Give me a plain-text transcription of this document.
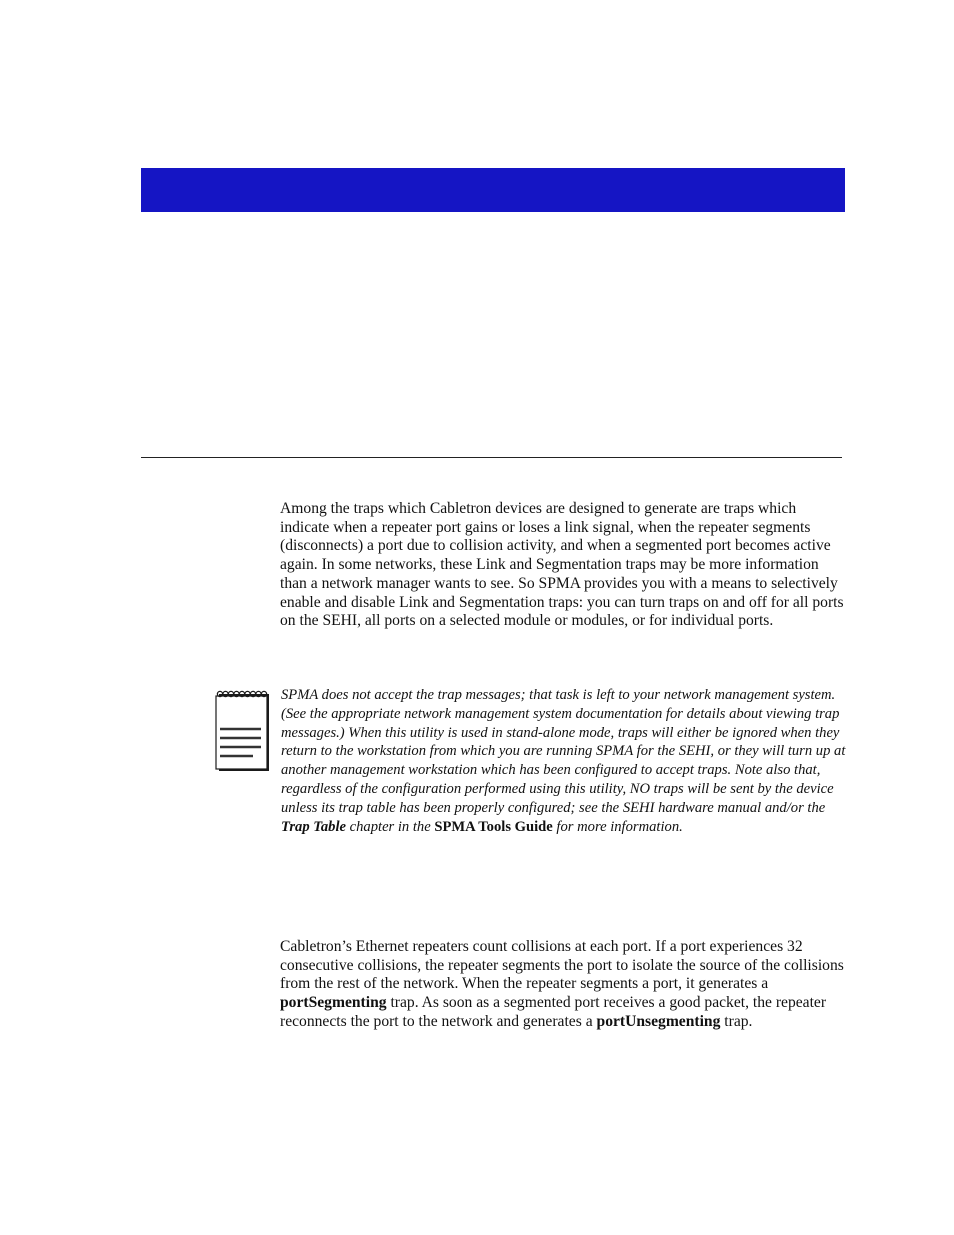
Among the traps which Cabletron devices are designed to generate are traps which indicate when a repeater port gains or loses a link signal, when the repeater segments (disconnects) a port due to collision activity, and when a segmented port becomes active again. In some networks, these Link and Segmentation traps may be more information than a network manager wants to see. So SPMA provides you with a means to selectively enable and disable Link and Segmentation traps: you can turn traps on and off for all ports on the SEHI, all ports on a selected module or modules, or for individual ports.

SPMA does not accept the trap messages; that task is left to your network management system. (See the appropriate network management system documentation for details about viewing trap messages.) When this utility is used in stand-alone mode, traps will either be ignored when they return to the workstation from which you are running SPMA for the SEHI, or they will turn up at another management workstation which has been configured to accept traps. Note also that, regardless of the configuration performed using this utility, NO traps will be sent by the device unless its trap table has been properly configured; see the SEHI hardware manual and/or the Trap Table chapter in the SPMA Tools Guide for more information.

Cabletron’s Ethernet repeaters count collisions at each port. If a port experiences 32 consecutive collisions, the repeater segments the port to isolate the source of the collisions from the rest of the network. When the repeater segments a port, it generates a portSegmenting trap. As soon as a segmented port receives a good packet, the repeater reconnects the port to the network and generates a portUnsegmenting trap.
